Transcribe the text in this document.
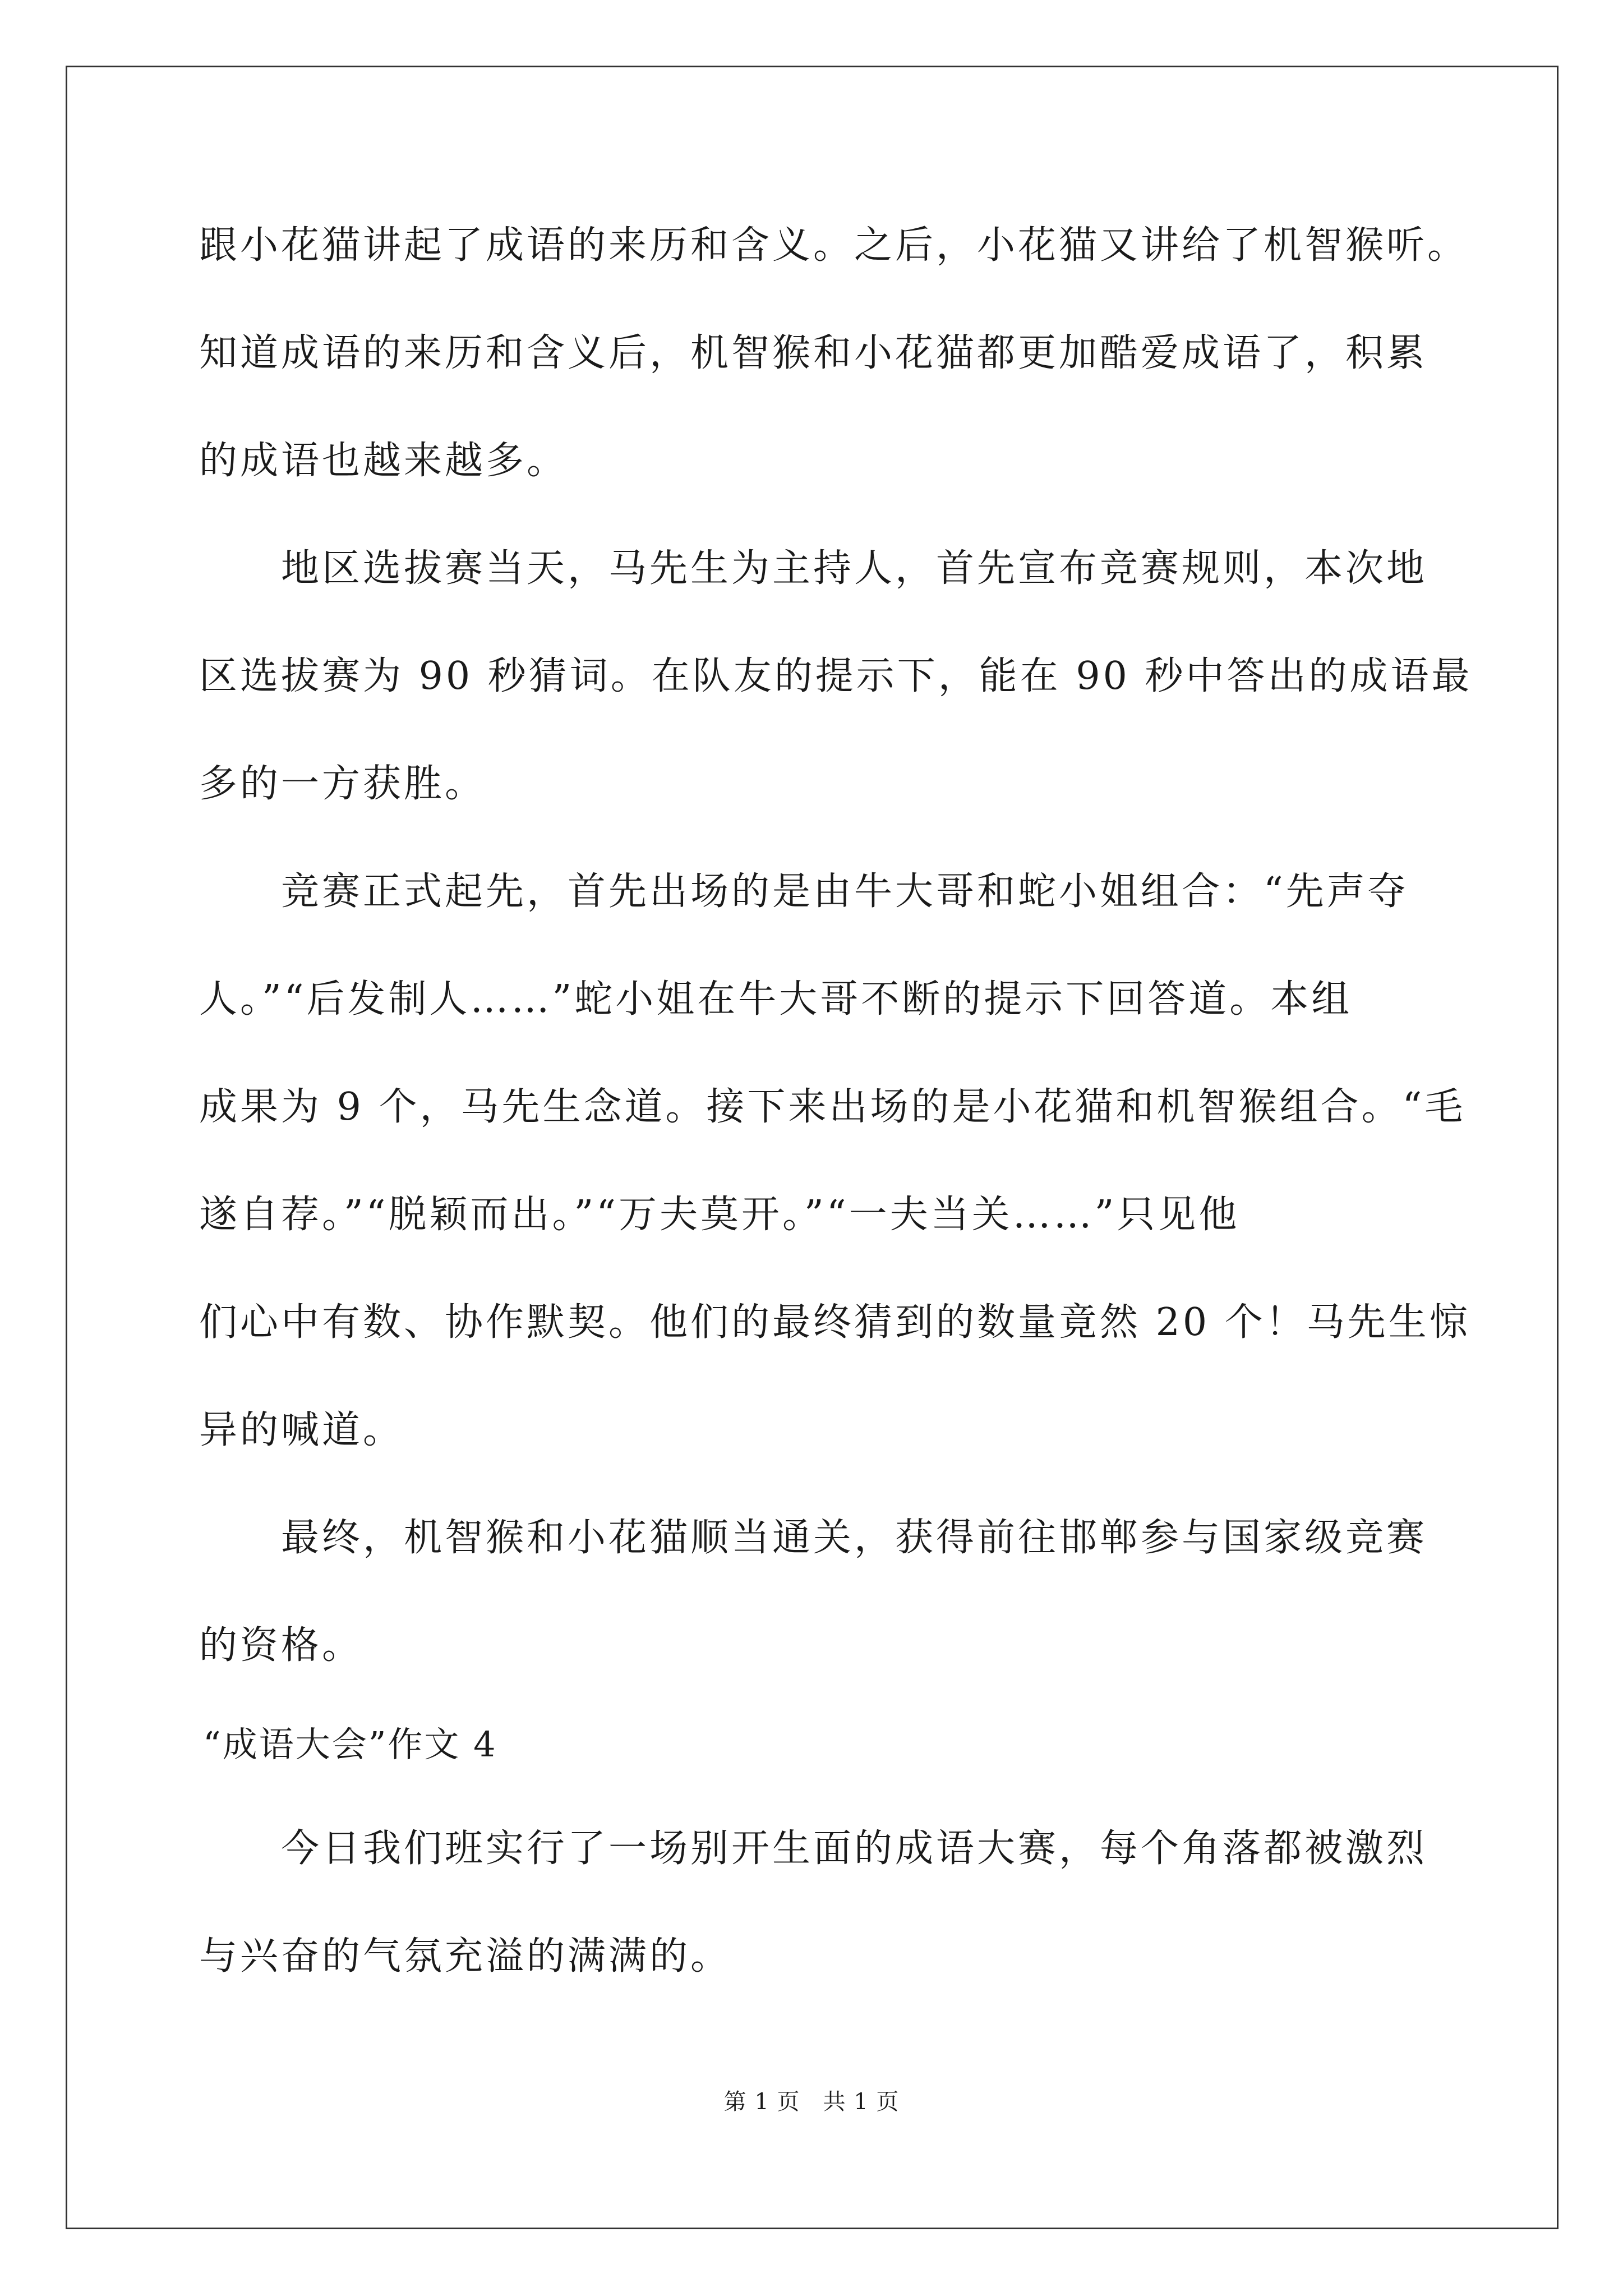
跟小花猫讲起了成语的来历和含义。之后，小花猫又讲给了机智猴听。
知道成语的来历和含义后，机智猴和小花猫都更加酷爱成语了，积累
的成语也越来越多。
　　地区选拔赛当天，马先生为主持人，首先宣布竞赛规则，本次地
区选拔赛为 90 秒猜词。在队友的提示下，能在 90 秒中答出的成语最
多的一方获胜。
　　竞赛正式起先，首先出场的是由牛大哥和蛇小姐组合：“先声夺
人。”“后发制人……”蛇小姐在牛大哥不断的提示下回答道。本组
成果为 9 个，马先生念道。接下来出场的是小花猫和机智猴组合。“毛
遂自荐。”“脱颖而出。”“万夫莫开。”“一夫当关……”只见他
们心中有数、协作默契。他们的最终猜到的数量竟然 20 个！马先生惊
异的喊道。
　　最终，机智猴和小花猫顺当通关，获得前往邯郸参与国家级竞赛
的资格。
“成语大会”作文 4
　　今日我们班实行了一场别开生面的成语大赛，每个角落都被激烈
与兴奋的气氛充溢的满满的。
第 1 页　共 1 页
